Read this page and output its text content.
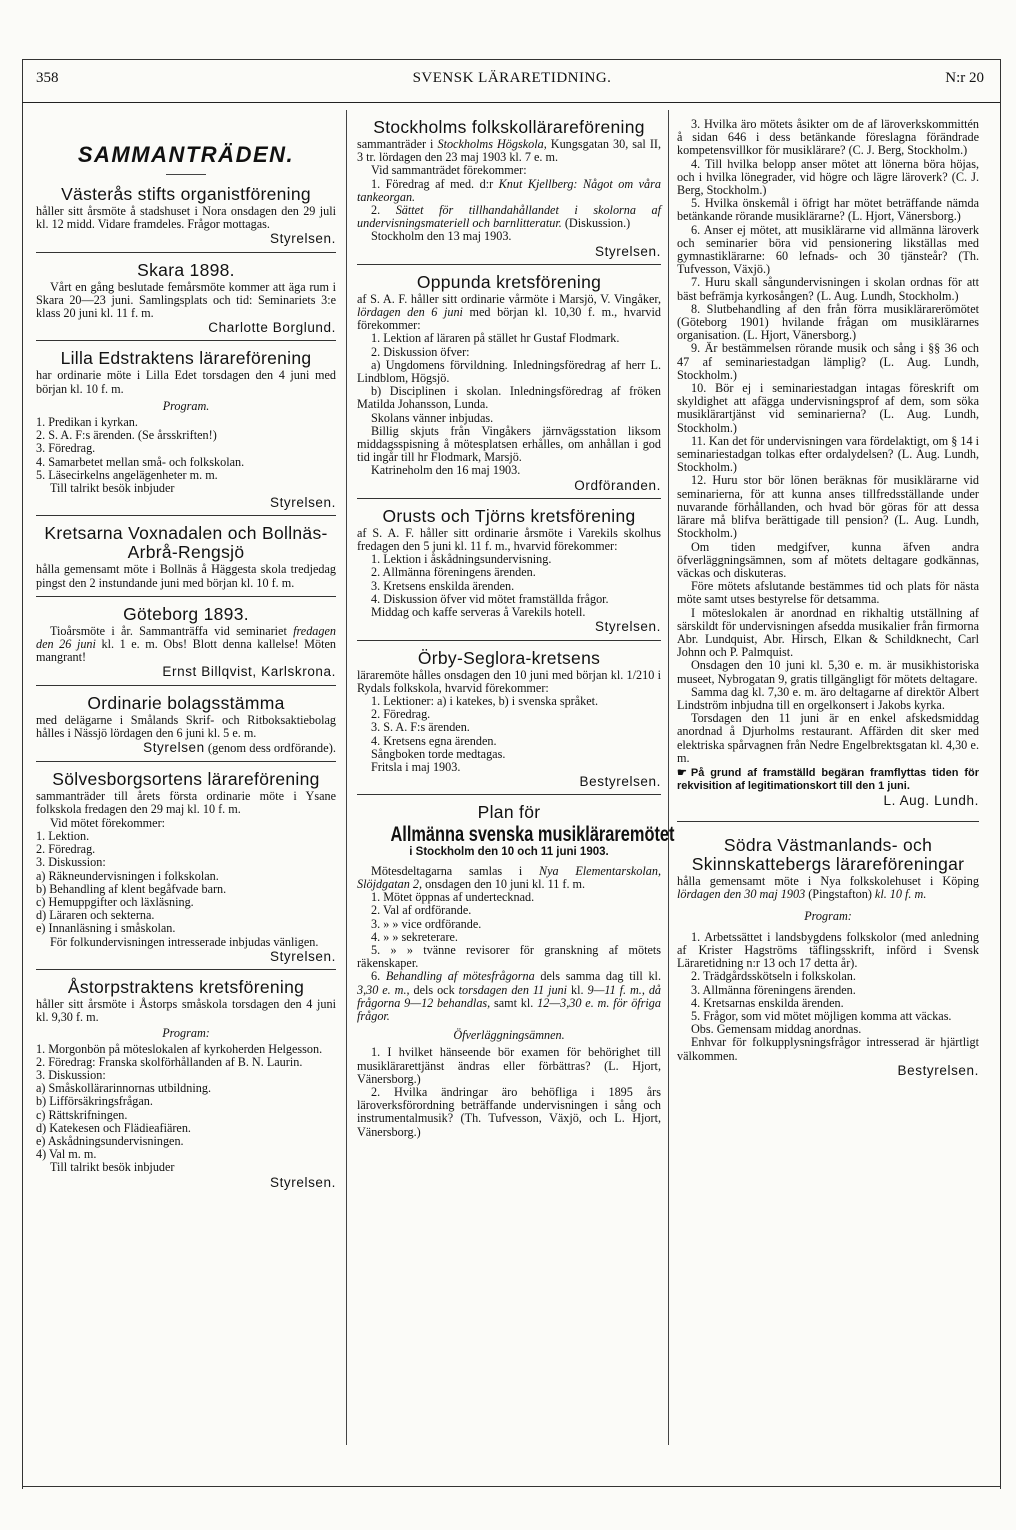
358	SVENSK LÄRARETIDNING.	N:r 20
SAMMANTRÄDEN.
Västerås stifts organistförening

håller sitt årsmöte å stadshuset i Nora onsdagen den 29 juli kl. 12 midd. Vidare framdeles. Frågor mottagas.

Styrelsen.
Skara 1898.

Vårt en gång beslutade femårsmöte kommer att äga rum i Skara 20—23 juni. Samlingsplats och tid: Seminariets 3:e klass 20 juni kl. 11 f. m.

Charlotte Borglund.
Lilla Edstraktens lärareförening

har ordinarie möte i Lilla Edet torsdagen den 4 juni med början kl. 10 f. m.

Program.

1. Predikan i kyrkan.

2. S. A. F:s ärenden. (Se årsskriften!)

3. Föredrag.

4. Samarbetet mellan små- och folkskolan.

5. Läsecirkelns angelägenheter m. m.

Till talrikt besök inbjuder

Styrelsen.
Kretsarna Voxnadalen och Bollnäs-Arbrå-Rengsjö

hålla gemensamt möte i Bollnäs å Häggesta skola tredjedag pingst den 2 instundande juni med början kl. 10 f. m.

Göteborg 1893.

Tioårsmöte i år. Sammanträffa vid seminariet fredagen den 26 juni kl. 1 e. m. Obs! Blott denna kallelse! Möten mangrant!

Ernst Billqvist, Karlskrona.
Ordinarie bolagsstämma

med delägarne i Smålands Skrif- och Ritboksaktiebolag hålles i Nässjö lördagen den 6 juni kl. 5 e. m.

Styrelsen (genom dess ordförande).
Sölvesborgsortens lärareförening

sammanträder till årets första ordinarie möte i Ysane folkskola fredagen den 29 maj kl. 10 f. m.

Vid mötet förekommer:

1. Lektion.

2. Föredrag.

3. Diskussion:

a) Räkneundervisningen i folkskolan.

b) Behandling af klent begåfvade barn.

c) Hemuppgifter och läxläsning.

d) Läraren och sekterna.

e) Innanläsning i småskolan.

För folkundervisningen intresserade inbjudas vänligen.

Styrelsen.
Åstorpstraktens kretsförening

håller sitt årsmöte i Åstorps småskola torsdagen den 4 juni kl. 9,30 f. m.

Program:

1. Morgonbön på möteslokalen af kyrkoherden Helgesson.

2. Föredrag: Franska skolförhållanden af B. N. Laurin.

3. Diskussion:

a) Småskollärarinnornas utbildning.

b) Lifförsäkringsfrågan.

c) Rättskrifningen.

d) Katekesen och Flädieafiären.

e) Askådningsundervisningen.

4) Val m. m.

Till talrikt besök inbjuder

Styrelsen.
Stockholms folkskollärareförening

sammanträder i Stockholms Högskola, Kungsgatan 30, sal II, 3 tr. lördagen den 23 maj 1903 kl. 7 e. m.

Vid sammanträdet förekommer:

1. Föredrag af med. d:r Knut Kjellberg: Något om våra tankeorgan.

2. Sättet för tillhandahållandet i skolorna af undervisningsmateriell och barnlitteratur. (Diskussion.)

Stockholm den 13 maj 1903.

Styrelsen.
Oppunda kretsförening

af S. A. F. håller sitt ordinarie vårmöte i Marsjö, V. Vingåker, lördagen den 6 juni med början kl. 10,30 f. m., hvarvid förekommer:

1. Lektion af läraren på stället hr Gustaf Flodmark.

2. Diskussion öfver:

a) Ungdomens förvildning. Inledningsföredrag af herr L. Lindblom, Högsjö.

b) Disciplinen i skolan. Inledningsföredrag af fröken Matilda Johansson, Lunda.

Skolans vänner inbjudas.

Billig skjuts från Vingåkers järnvägsstation liksom middagsspisning å mötesplatsen erhålles, om anhållan i god tid ingår till hr Flodmark, Marsjö.

Katrineholm den 16 maj 1903.

Ordföranden.
Orusts och Tjörns kretsförening

af S. A. F. håller sitt ordinarie årsmöte i Varekils skolhus fredagen den 5 juni kl. 11 f. m., hvarvid förekommer:

1. Lektion i åskådningsundervisning.

2. Allmänna föreningens ärenden.

3. Kretsens enskilda ärenden.

4. Diskussion öfver vid mötet framställda frågor.

Middag och kaffe serveras å Varekils hotell.

Styrelsen.
Örby-Seglora-kretsens

läraremöte hålles onsdagen den 10 juni med början kl. 1/210 i Rydals folkskola, hvarvid förekommer:

1. Lektioner: a) i katekes, b) i svenska språket.

2. Föredrag.

3. S. A. F:s ärenden.

4. Kretsens egna ärenden.

Sångboken torde medtagas.

Fritsla i maj 1903.

Bestyrelsen.
Plan för
Allmänna svenska musikläraremötet
i Stockholm den 10 och 11 juni 1903.

Mötesdeltagarna samlas i Nya Elementarskolan, Slöjdgatan 2, onsdagen den 10 juni kl. 11 f. m.

1. Mötet öppnas af undertecknad.

2. Val af ordförande.

3. » » vice ordförande.

4. » » sekreterare.

5. » » tvänne revisorer för granskning af mötets räkenskaper.

6. Behandling af mötesfrågorna dels samma dag till kl. 3,30 e. m., dels ock torsdagen den 11 juni kl. 9—11 f. m., då frågorna 9—12 behandlas, samt kl. 12—3,30 e. m. för öfriga frågor.

Öfverläggningsämnen.

1. I hvilket hänseende bör examen för behörighet till musiklärarettjänst ändras eller förbättras? (L. Hjort, Vänersborg.)

2. Hvilka ändringar äro behöfliga i 1895 års läroverksförordning beträffande undervisningen i sång och instrumentalmusik? (Th. Tufvesson, Växjö, och L. Hjort, Vänersborg.)

3. Hvilka äro mötets åsikter om de af läroverkskommittén å sidan 646 i dess betänkande föreslagna förändrade kompetensvillkor för musiklärare? (C. J. Berg, Stockholm.)

4. Till hvilka belopp anser mötet att lönerna böra höjas, och i hvilka lönegrader, vid högre och lägre läroverk? (C. J. Berg, Stockholm.)

5. Hvilka önskemål i öfrigt har mötet beträffande nämda betänkande rörande musiklärarne? (L. Hjort, Vänersborg.)

6. Anser ej mötet, att musiklärarne vid allmänna läroverk och seminarier böra vid pensionering likställas med gymnastiklärarne: 60 lefnads- och 30 tjänsteår? (Th. Tufvesson, Växjö.)

7. Huru skall sångundervisningen i skolan ordnas för att bäst befrämja kyrkosången? (L. Aug. Lundh, Stockholm.)

8. Slutbehandling af den från förra musiklärarerömötet (Göteborg 1901) hvilande frågan om musiklärarnes organisation. (L. Hjort, Vänersborg.)

9. Är bestämmelsen rörande musik och sång i §§ 36 och 47 af seminariestadgan lämplig? (L. Aug. Lundh, Stockholm.)

10. Bör ej i seminariestadgan intagas föreskrift om skyldighet att afägga undervisningsprof af dem, som söka musiklärartjänst vid seminarierna? (L. Aug. Lundh, Stockholm.)

11. Kan det för undervisningen vara fördelaktigt, om § 14 i seminariestadgan tolkas efter ordalydelsen? (L. Aug. Lundh, Stockholm.)

12. Huru stor bör lönen beräknas för musiklärarne vid seminarierna, för att kunna anses tillfredsställande under nuvarande förhållanden, och hvad bör göras för att dessa lärare må blifva berättigade till pension? (L. Aug. Lundh, Stockholm.)

Om tiden medgifver, kunna äfven andra öfverläggningsämnen, som af mötets deltagare godkännas, väckas och diskuteras.

Före mötets afslutande bestämmes tid och plats för nästa möte samt utses bestyrelse för detsamma.

I möteslokalen är anordnad en rikhaltig utställning af särskildt för undervisningen afsedda musikalier från firmorna Abr. Lundquist, Abr. Hirsch, Elkan & Schildknecht, Carl Johnn och P. Palmquist.

Onsdagen den 10 juni kl. 5,30 e. m. är musikhistoriska museet, Nybrogatan 9, gratis tillgängligt för mötets deltagare.

Samma dag kl. 7,30 e. m. äro deltagarne af direktör Albert Lindström inbjudna till en orgelkonsert i Jakobs kyrka.

Torsdagen den 11 juni är en enkel afskedsmiddag anordnad å Djurholms restaurant. Affärden dit sker med elektriska spårvagnen från Nedre Engelbrektsgatan kl. 4,30 e. m.

☛ På grund af framställd begäran framflyttas tiden för rekvisition af legitimationskort till den 1 juni.

L. Aug. Lundh.
Södra Västmanlands- och Skinnskattebergs lärareföreningar

hålla gemensamt möte i Nya folkskolehuset i Köping lördagen den 30 maj 1903 (Pingstafton) kl. 10 f. m.

Program:

1. Arbetssättet i landsbygdens folkskolor (med anledning af Krister Hagströms täflingsskrift, införd i Svensk Läraretidning n:r 13 och 17 detta år).

2. Trädgårdsskötseln i folkskolan.

3. Allmänna föreningens ärenden.

4. Kretsarnas enskilda ärenden.

5. Frågor, som vid mötet möjligen komma att väckas.

Obs. Gemensam middag anordnas.

Enhvar för folkupplysningsfrågor intresserad är hjärtligt välkommen.

Bestyrelsen.
